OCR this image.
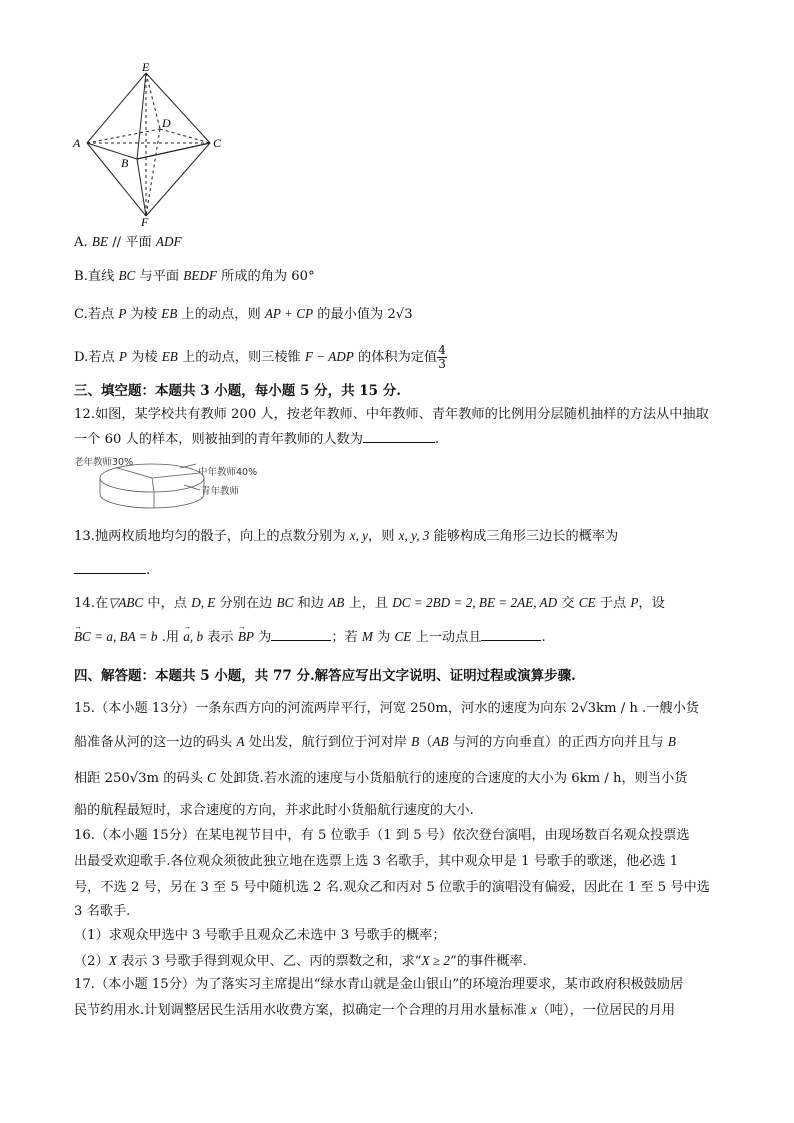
E
D
A	C
B
F
A. BE // 平面 ADF
B.直线 BC 与平面 BEDF 所成的角为 60°
C.若点 P 为棱 EB 上的动点，则 AP + CP 的最小值为 2√3
D.若点 P 为棱 EB 上的动点，则三棱锥 F − ADP 的体积为定值 $\frac{4}{3}$
三、填空题：本题共 3 小题，每小题 5 分，共 15 分.
12.如图，某学校共有教师 200 人，按老年教师、中年教师、青年教师的比例用分层随机抽样的方法从中抽取
一个 60 人的样本，则被抽到的青年教师的人数为	.
老年教师30%
中年教师40%
青年教师
13.抛两枚质地均匀的骰子，向上的点数分别为 x, y，则 x, y, 3 能够构成三角形三边长的概率为
.
14.在▽ABC 中，点 D, E 分别在边 BC 和边 AB 上，且 DC = 2BD = 2, BE = 2AE, AD 交 CE 于点 P，设
→ BC = a, BA = b .用 → a, b 表示 → BP 为	；若 M 为 CE 上一动点且	.
四、解答题：本题共 5 小题，共 77 分.解答应写出文字说明、证明过程或演算步骤.
15.（本小题 13分）一条东西方向的河流两岸平行，河宽 250m，河水的速度为向东 2√3km / h .一艘小货
船准备从河的这一边的码头 A 处出发，航行到位于河对岸 B（AB 与河的方向垂直）的正西方向并且与 B
相距 250√3m 的码头 C 处卸货.若水流的速度与小货船航行的速度的合速度的大小为 6km / h，则当小货
船的航程最短时，求合速度的方向，并求此时小货船航行速度的大小.
16.（本小题 15分）在某电视节目中，有 5 位歌手（1 到 5 号）依次登台演唱，由现场数百名观众投票选
出最受欢迎歌手.各位观众须彼此独立地在选票上选 3 名歌手，其中观众甲是 1 号歌手的歌迷，他必选 1
号，不选 2 号，另在 3 至 5 号中随机选 2 名.观众乙和丙对 5 位歌手的演唱没有偏爱，因此在 1 至 5 号中选
3 名歌手.
（1）求观众甲选中 3 号歌手且观众乙未选中 3 号歌手的概率；
（2）X 表示 3 号歌手得到观众甲、乙、丙的票数之和，求“X ≥ 2”的事件概率.
17.（本小题 15分）为了落实习主席提出“绿水青山就是金山银山”的环境治理要求，某市政府积极鼓励居
民节约用水.计划调整居民生活用水收费方案，拟确定一个合理的月用水量标准 x（吨），一位居民的月用
